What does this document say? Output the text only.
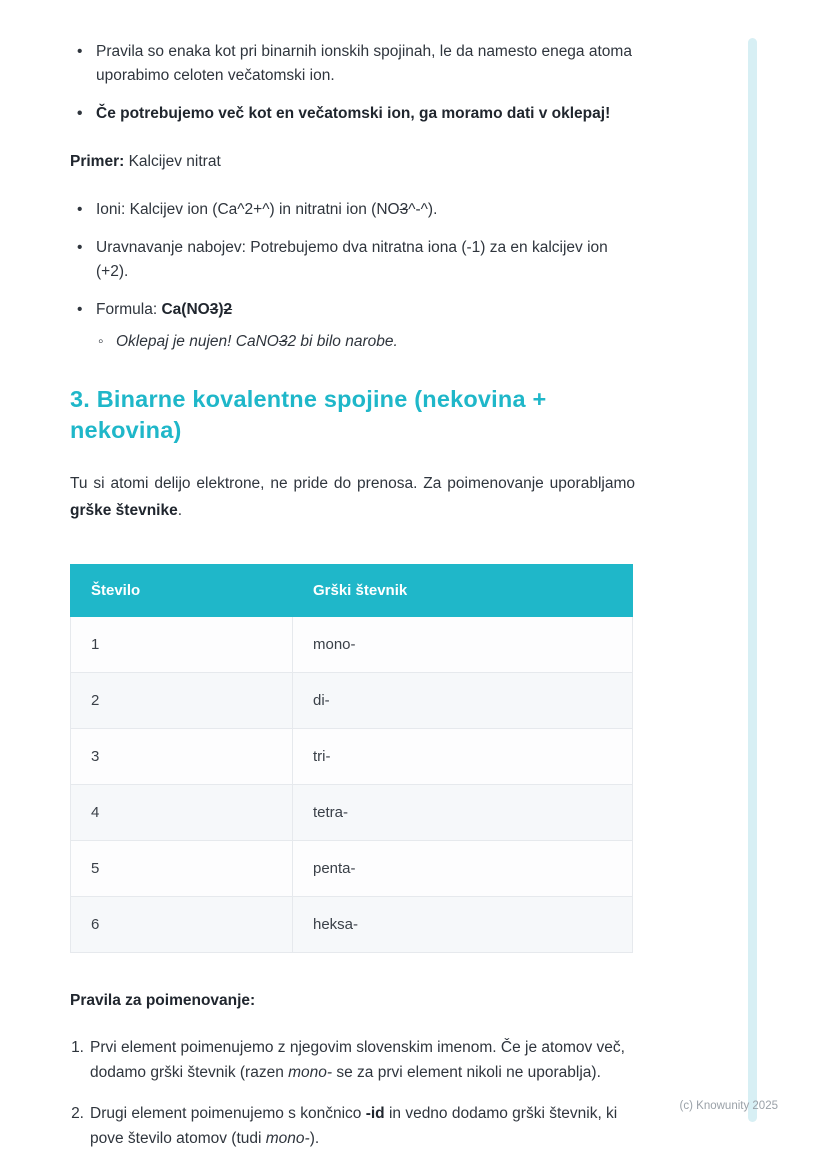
(c) Knowunity 2025
• Pravila so enaka kot pri binarnih ionskih spojinah, le da namesto enega atoma uporabimo celoten večatomski ion.
• Če potrebujemo več kot en večatomski ion, ga moramo dati v oklepaj!

Primer: Kalcijev nitrat

• Ioni: Kalcijev ion (Ca^2+^) in nitratni ion (NO3^-^).
• Uravnavanje nabojev: Potrebujemo dva nitratna iona (-1) za en kalcijev ion (+2).
• Formula: Ca(NO3)2
◦ Oklepaj je nujen! CaNO32 bi bilo narobe.
3. Binarne kovalentne spojine (nekovina + nekovina)

Tu si atomi delijo elektrone, ne pride do prenosa. Za poimenovanje uporabljamo grške števnike.

Število	Grški števnik
1	mono-
2	di-
3	tri-
4	tetra-
5	penta-
6	heksa-

Pravila za poimenovanje:

1. Prvi element poimenujemo z njegovim slovenskim imenom. Če je atomov več, dodamo grški števnik (razen mono- se za prvi element nikoli ne uporablja).
2. Drugi element poimenujemo s končnico -id in vedno dodamo grški števnik, ki pove število atomov (tudi mono-).
